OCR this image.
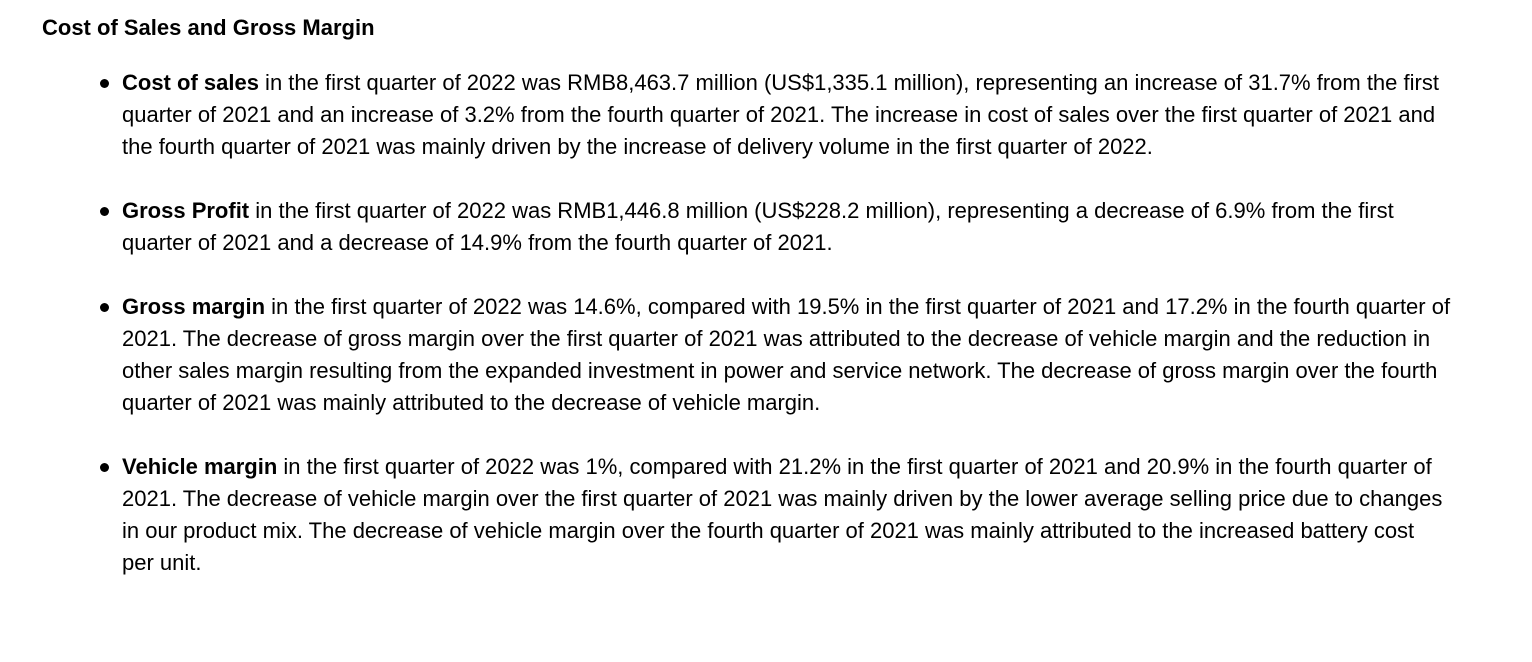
Cost of Sales and Gross Margin
Cost of sales in the first quarter of 2022 was RMB8,463.7 million (US$1,335.1 million), representing an increase of 31.7% from the first quarter of 2021 and an increase of 3.2% from the fourth quarter of 2021. The increase in cost of sales over the first quarter of 2021 and the fourth quarter of 2021 was mainly driven by the increase of delivery volume in the first quarter of 2022.
Gross Profit in the first quarter of 2022 was RMB1,446.8 million (US$228.2 million), representing a decrease of 6.9% from the first quarter of 2021 and a decrease of 14.9% from the fourth quarter of 2021.
Gross margin in the first quarter of 2022 was 14.6%, compared with 19.5% in the first quarter of 2021 and 17.2% in the fourth quarter of 2021. The decrease of gross margin over the first quarter of 2021 was attributed to the decrease of vehicle margin and the reduction in other sales margin resulting from the expanded investment in power and service network. The decrease of gross margin over the fourth quarter of 2021 was mainly attributed to the decrease of vehicle margin.
Vehicle margin in the first quarter of 2022 was 1%, compared with 21.2% in the first quarter of 2021 and 20.9% in the fourth quarter of 2021. The decrease of vehicle margin over the first quarter of 2021 was mainly driven by the lower average selling price due to changes in our product mix. The decrease of vehicle margin over the fourth quarter of 2021 was mainly attributed to the increased battery cost per unit.
